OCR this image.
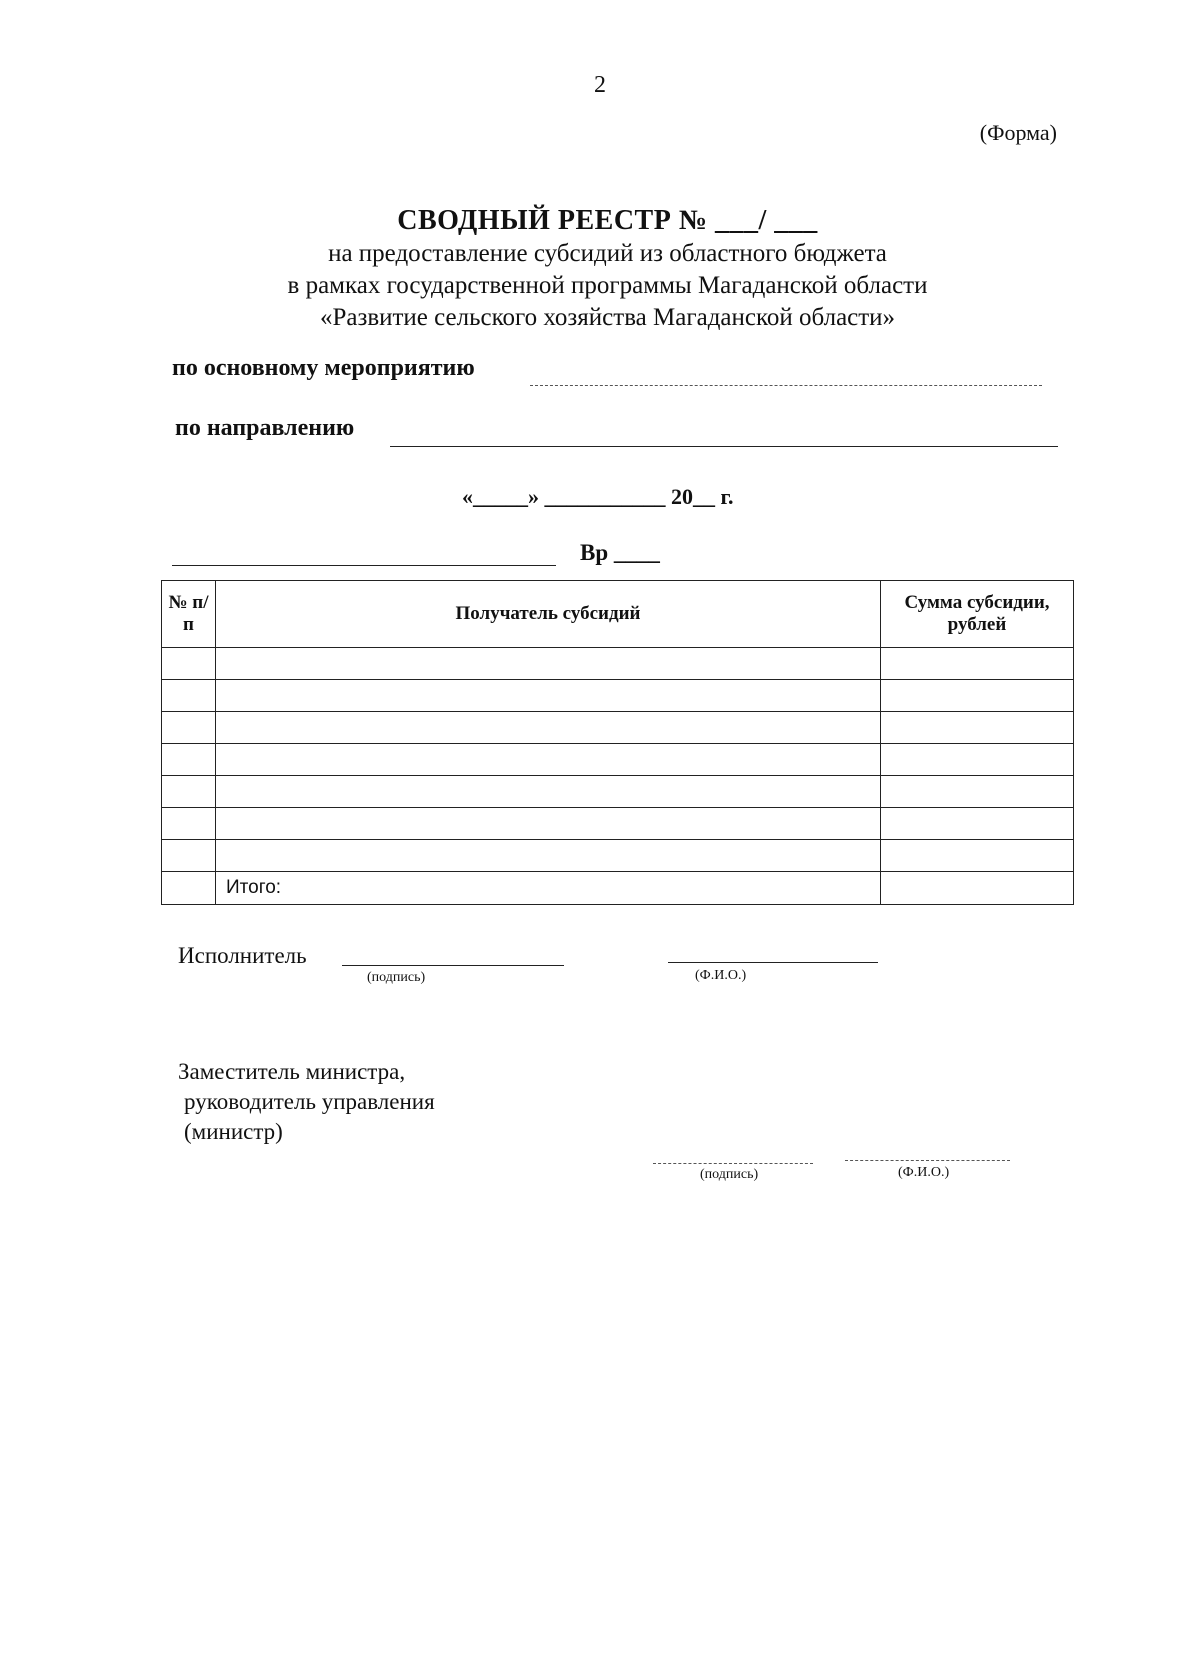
2
(Форма)
СВОДНЫЙ РЕЕСТР № ___/ ___
на предоставление субсидий из областного бюджета
в рамках государственной программы Магаданской области
«Развитие сельского хозяйства Магаданской области»
по основному мероприятию
по направлению
«_____» ___________ 20__ г.
Вр ____
№ п/п	Получатель субсидий	Сумма субсидии, рублей

	Итого:	
Исполнитель
(подпись)	(Ф.И.О.)
Заместитель министра,
руководитель управления
(министр)
(подпись)	(Ф.И.О.)
